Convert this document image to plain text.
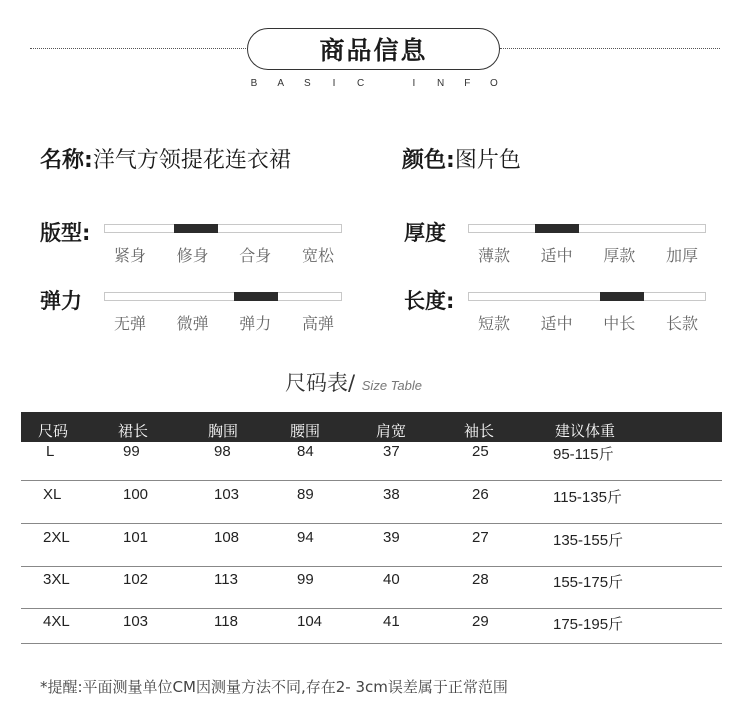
商品信息
B A S	I	C	I	N F O
名称:洋气方领提花连衣裙	颜色:图片色
版型:
紧身 修身 合身 宽松
厚度
薄款 适中 厚款 加厚
弹力
无弹 微弹 弹力 高弹
长度:
短款 适中 中长 长款
尺码表/ Size Table
尺码	裙长	胸围	腰围	肩宽	袖长	建议体重
L	99	98	84	37	25	95-115斤
XL	100	103	89	38	26	115-135斤
2XL	101	108	94	39	27	135-155斤
3XL	102	113	99	40	28	155-175斤
4XL	103	118	104	41	29	175-195斤
*提醒:平面测量单位CM因测量方法不同,存在2- 3cm误差属于正常范围
